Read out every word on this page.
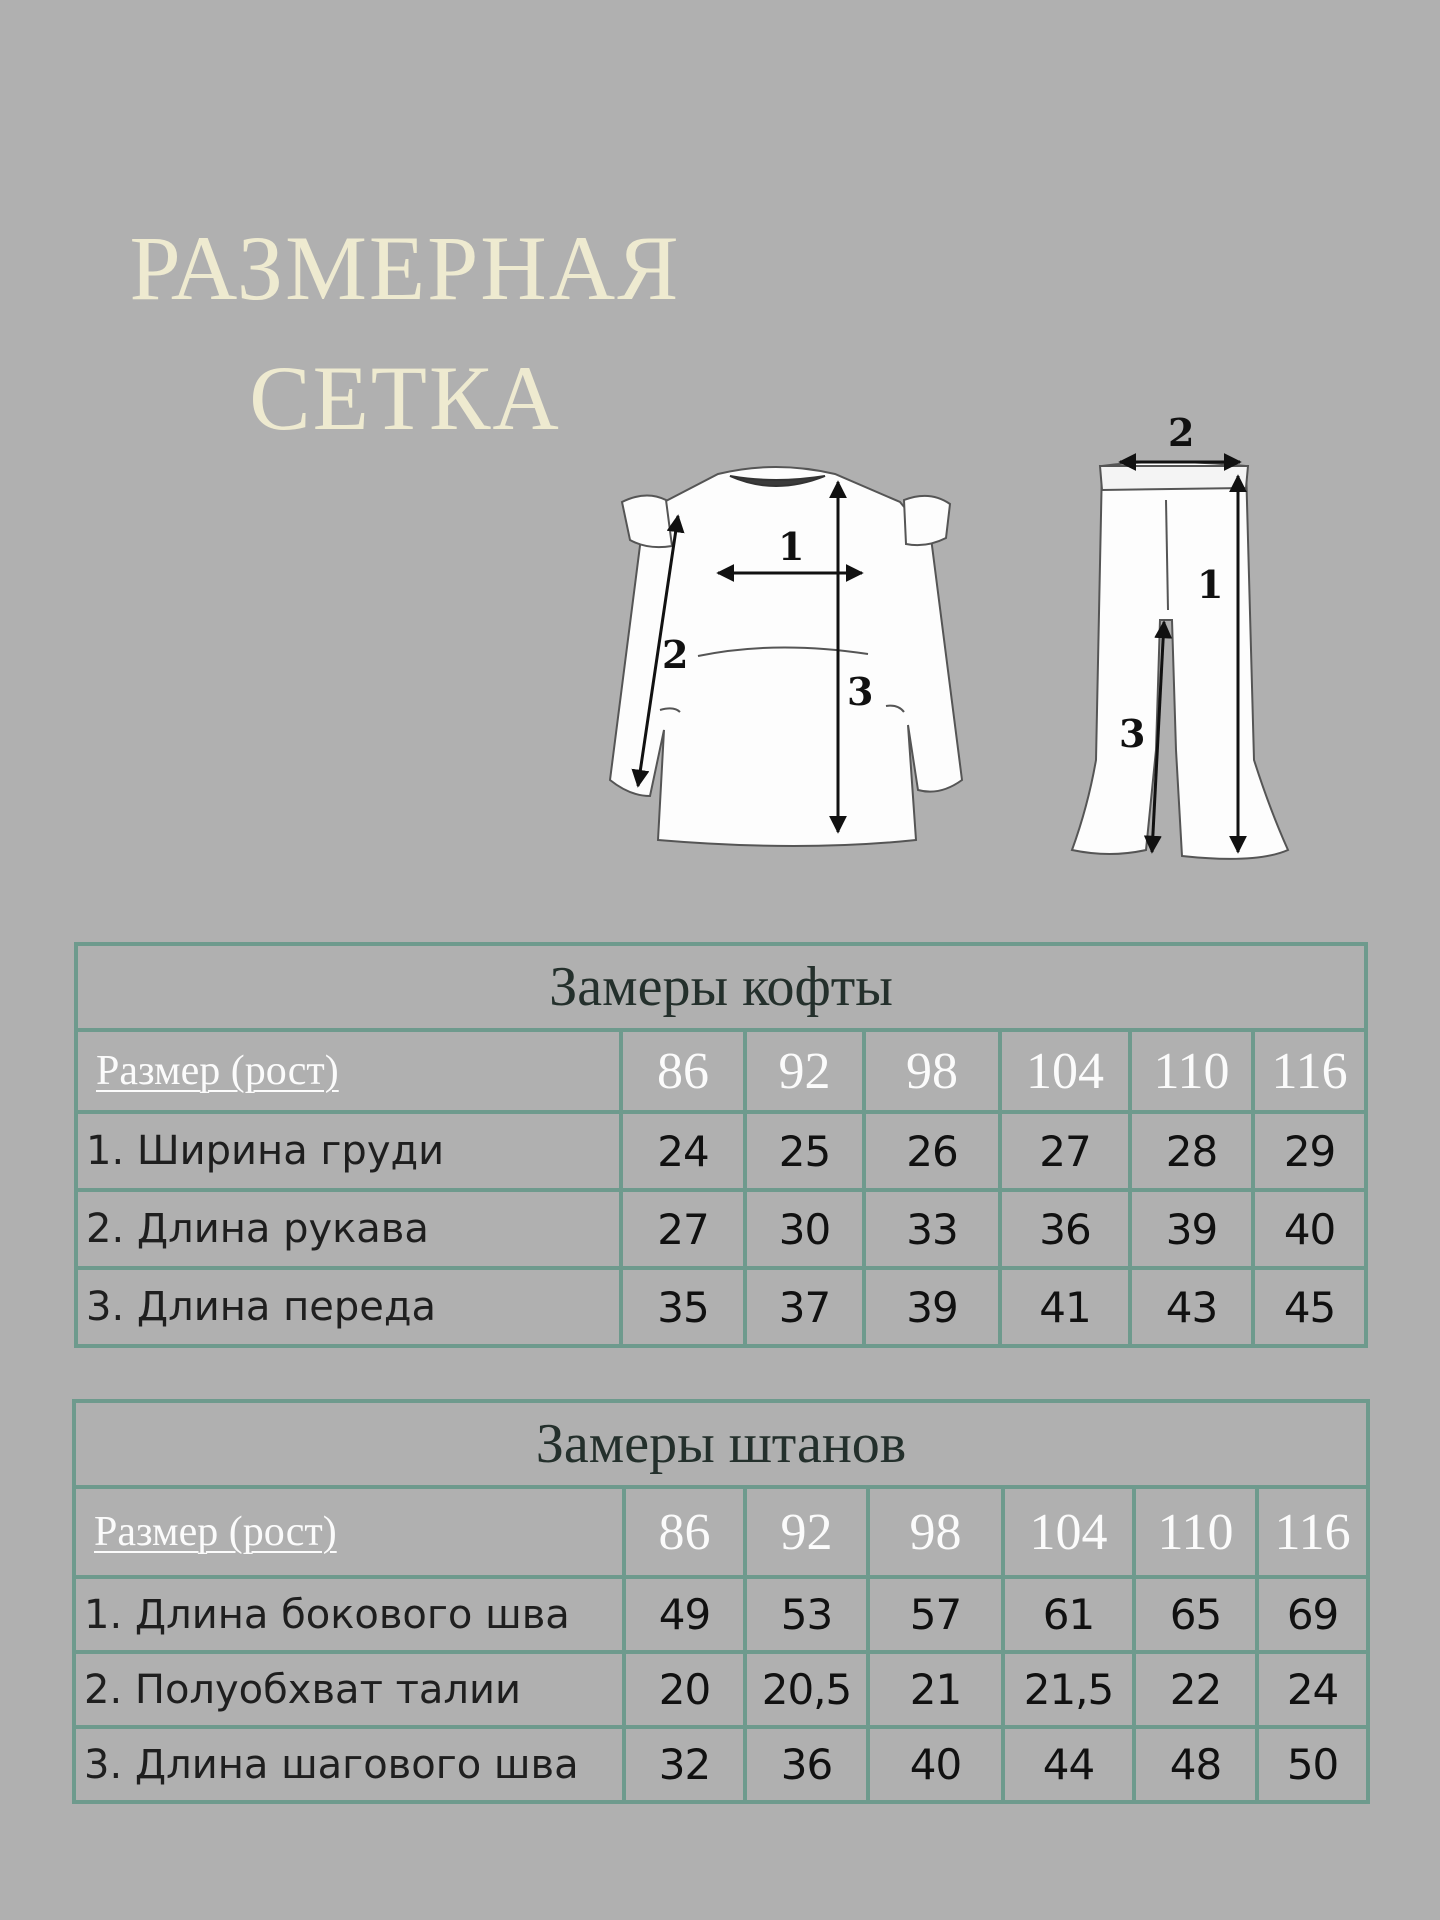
РАЗМЕРНАЯ
СЕТКА
1
2
3
2
1
3
Замеры кофты						
Размер (рост)	86	92	98	104	110	116
1. Ширина груди	24	25	26	27	28	29
2. Длина рукава	27	30	33	36	39	40
3. Длина переда	35	37	39	41	43	45
Замеры штанов						
Размер (рост)	86	92	98	104	110	116
1. Длина бокового шва	49	53	57	61	65	69
2. Полуобхват талии	20	20,5	21	21,5	22	24
3. Длина шагового шва	32	36	40	44	48	50
